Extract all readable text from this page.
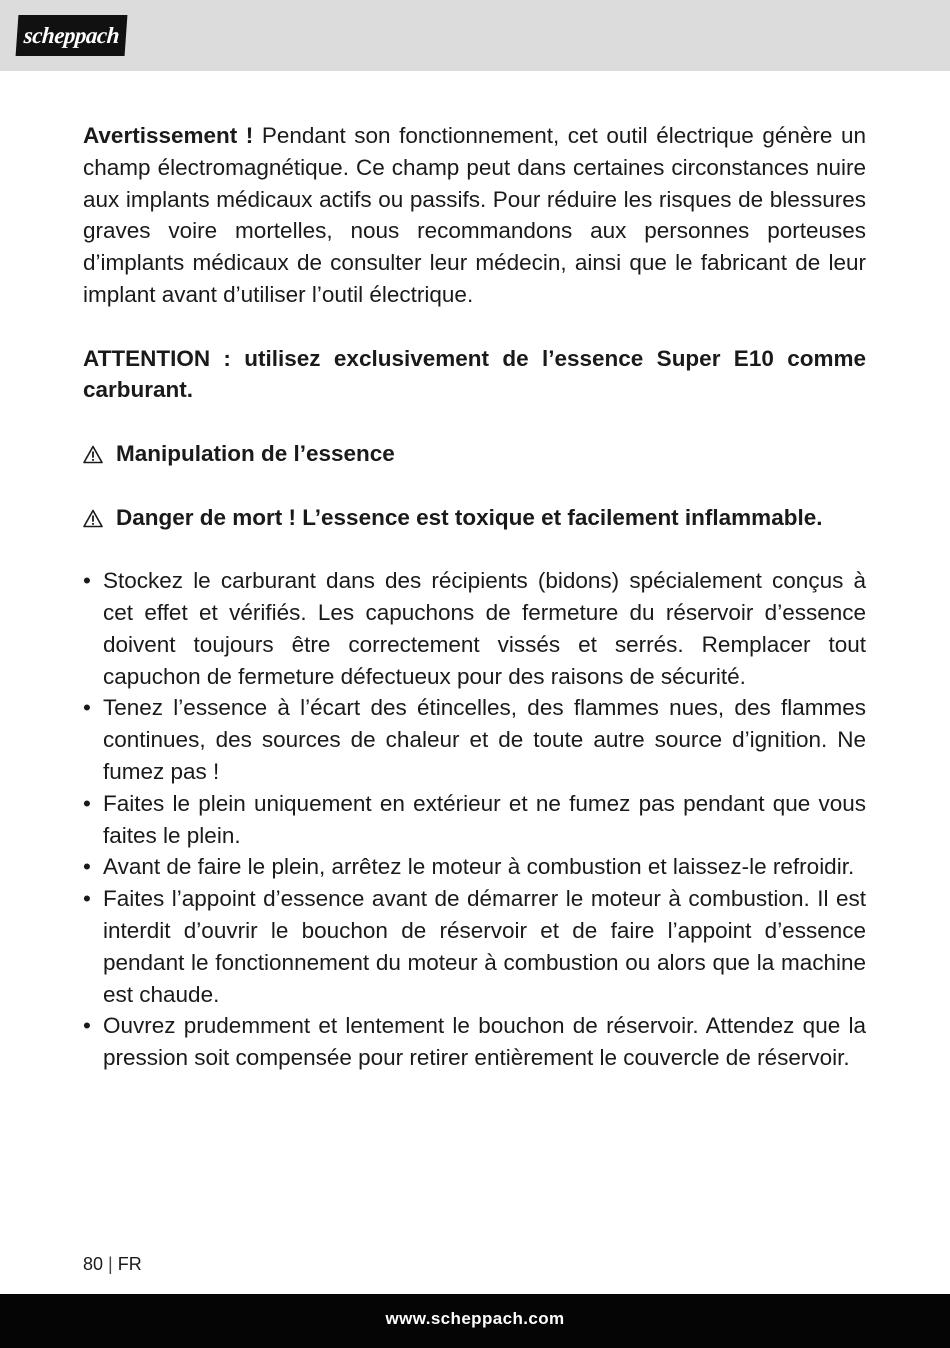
scheppach

Avertissement ! Pendant son fonctionnement, cet outil électrique génère un champ électromagnétique. Ce champ peut dans certaines circonstances nuire aux implants médicaux actifs ou passifs. Pour réduire les risques de blessures graves voire mortelles, nous recommandons aux personnes porteuses d’implants médicaux de consulter leur médecin, ainsi que le fabricant de leur implant avant d’utiliser l’outil électrique.

ATTENTION : utilisez exclusivement de l’essence Super E10 comme carburant.

Manipulation de l’essence

Danger de mort ! L’essence est toxique et facilement inflammable.

• Stockez le carburant dans des récipients (bidons) spécialement conçus à cet effet et vérifiés. Les capuchons de fermeture du réservoir d’essence doivent toujours être correctement vissés et serrés. Remplacer tout capuchon de fermeture défectueux pour des raisons de sécurité.
• Tenez l’essence à l’écart des étincelles, des flammes nues, des flammes continues, des sources de chaleur et de toute autre source d’ignition. Ne fumez pas !
• Faites le plein uniquement en extérieur et ne fumez pas pendant que vous faites le plein.
• Avant de faire le plein, arrêtez le moteur à combustion et laissez-le refroidir.
• Faites l’appoint d’essence avant de démarrer le moteur à combustion. Il est interdit d’ouvrir le bouchon de réservoir et de faire l’appoint d’essence pendant le fonctionnement du moteur à combustion ou alors que la machine est chaude.
• Ouvrez prudemment et lentement le bouchon de réservoir. Attendez que la pression soit compensée pour retirer entièrement le couvercle de réservoir.
80 | FR
www.scheppach.com
